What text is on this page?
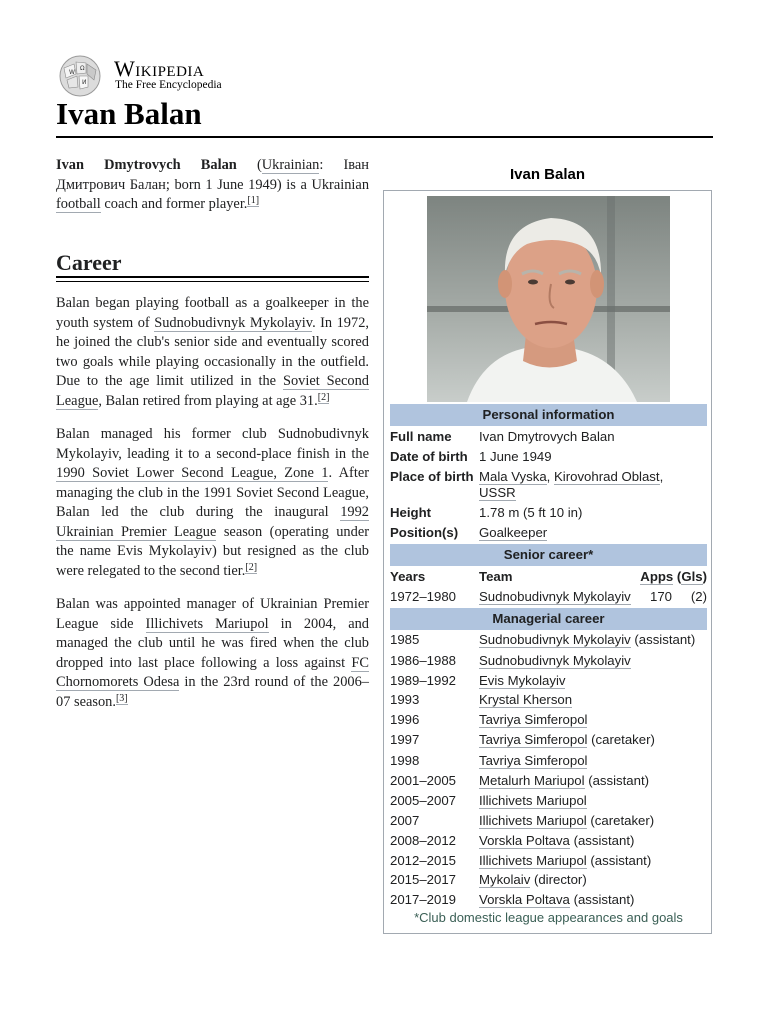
W
Ω
И
Wikipedia
The Free Encyclopedia
Ivan Balan

Ivan Dmytrovych Balan (Ukrainian: Іван Дмитрович Балан; born 1 June 1949) is a Ukrainian football coach and former player.[1]

Career

Balan began playing football as a goalkeeper in the youth system of Sudnobudivnyk Mykolayiv. In 1972, he joined the club's senior side and eventually scored two goals while playing occasionally in the outfield. Due to the age limit utilized in the Soviet Second League, Balan retired from playing at age 31.[2]

Balan managed his former club Sudnobudivnyk Mykolayiv, leading it to a second-place finish in the 1990 Soviet Lower Second League, Zone 1. After managing the club in the 1991 Soviet Second League, Balan led the club during the inaugural 1992 Ukrainian Premier League season (operating under the name Evis Mykolayiv) but resigned as the club were relegated to the second tier.[2]

Balan was appointed manager of Ukrainian Premier League side Illichivets Mariupol in 2004, and managed the club until he was fired when the club dropped into last place following a loss against FC Chornomorets Odesa in the 23rd round of the 2006–07 season.[3]

Ivan Balan
Personal information
Full name Ivan Dmytrovych Balan
Date of birth 1 June 1949
Place of birth Mala Vyska, Kirovohrad Oblast,
USSR
Height	1.78 m (5 ft 10 in)
Position(s) Goalkeeper
Senior career*
Years	Team	Apps (Gls)
1972–1980 Sudnobudivnyk Mykolayiv 170 (2)
Managerial career
1985	Sudnobudivnyk Mykolayiv (assistant)
1986–1988 Sudnobudivnyk Mykolayiv
1989–1992 Evis Mykolayiv
1993	Krystal Kherson
1996	Tavriya Simferopol
1997	Tavriya Simferopol (caretaker)
1998	Tavriya Simferopol
2001–2005 Metalurh Mariupol (assistant)
2005–2007 Illichivets Mariupol
2007	Illichivets Mariupol (caretaker)
2008–2012 Vorskla Poltava (assistant)
2012–2015 Illichivets Mariupol (assistant)
2015–2017 Mykolaiv (director)
2017–2019 Vorskla Poltava (assistant)
*Club domestic league appearances and goals
